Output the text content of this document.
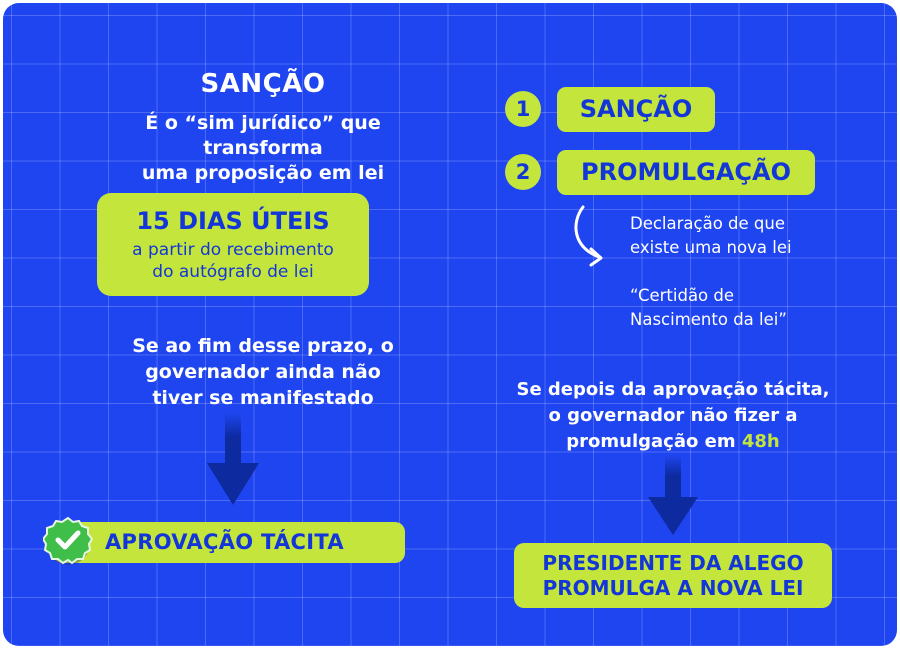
SANÇÃO
É o “sim jurídico” que transforma
uma proposição em lei
15 DIAS ÚTEIS
a partir do recebimento
do autógrafo de lei
Se ao fim desse prazo, o
governador ainda não
tiver se manifestado
APROVAÇÃO TÁCITA
1	SANÇÃO
2	PROMULGAÇÃO
Declaração de que
existe uma nova lei
“Certidão de
Nascimento da lei”
Se depois da aprovação tácita,
o governador não fizer a
promulgação em 48h
PRESIDENTE DA ALEGO
PROMULGA A NOVA LEI
